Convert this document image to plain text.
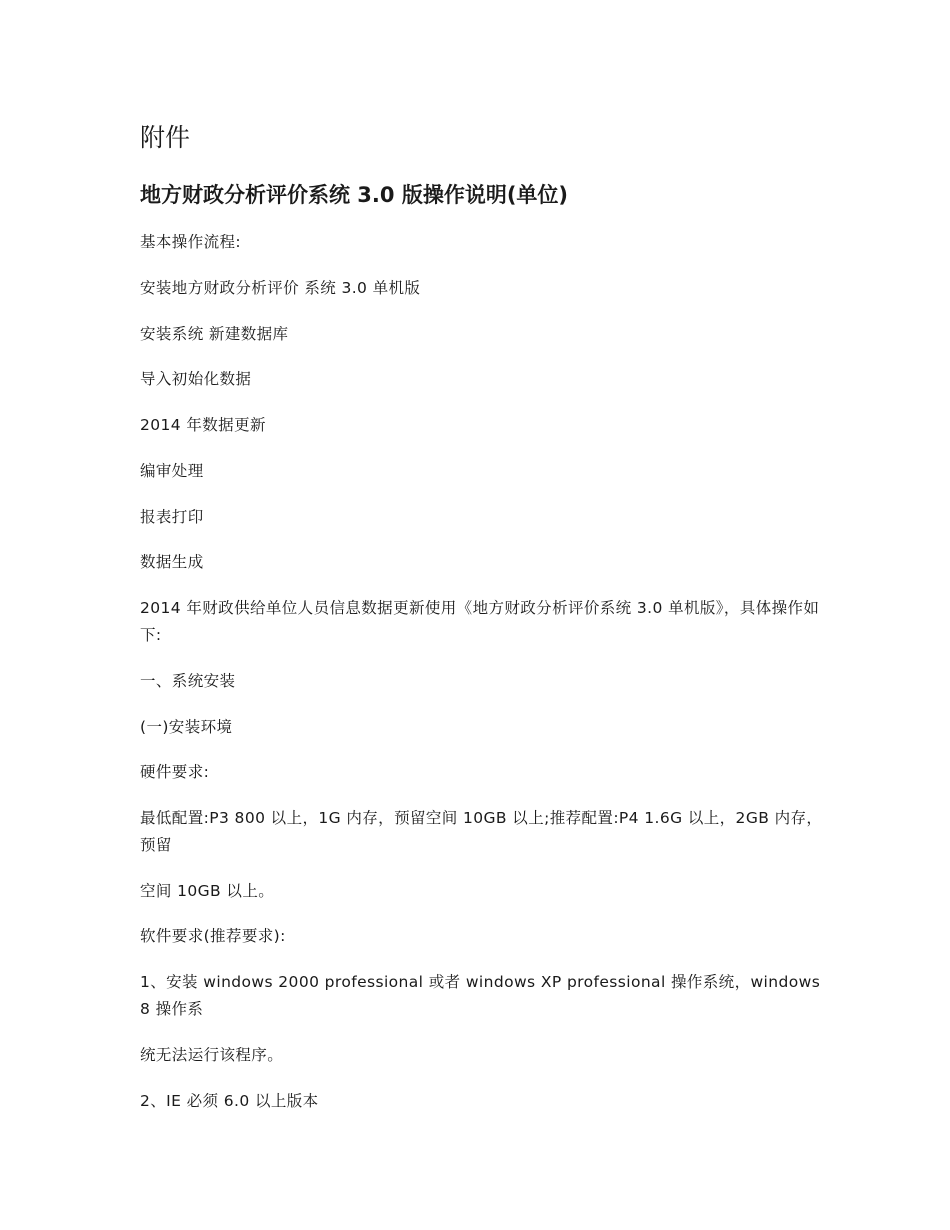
附件
地方财政分析评价系统 3.0 版操作说明(单位)

基本操作流程:

安装地方财政分析评价 系统 3.0 单机版

安装系统 新建数据库

导入初始化数据

2014 年数据更新

编审处理

报表打印

数据生成

2014 年财政供给单位人员信息数据更新使用《地方财政分析评价系统 3.0 单机版》，具体操作如下:

一、系统安装

(一)安装环境

硬件要求:

最低配置:P3 800 以上，1G 内存，预留空间 10GB 以上;推荐配置:P4 1.6G 以上，2GB 内存，预留

空间 10GB 以上。

软件要求(推荐要求):

1、安装 windows 2000 professional 或者 windows XP professional 操作系统，windows 8 操作系

统无法运行该程序。

2、IE 必须 6.0 以上版本
